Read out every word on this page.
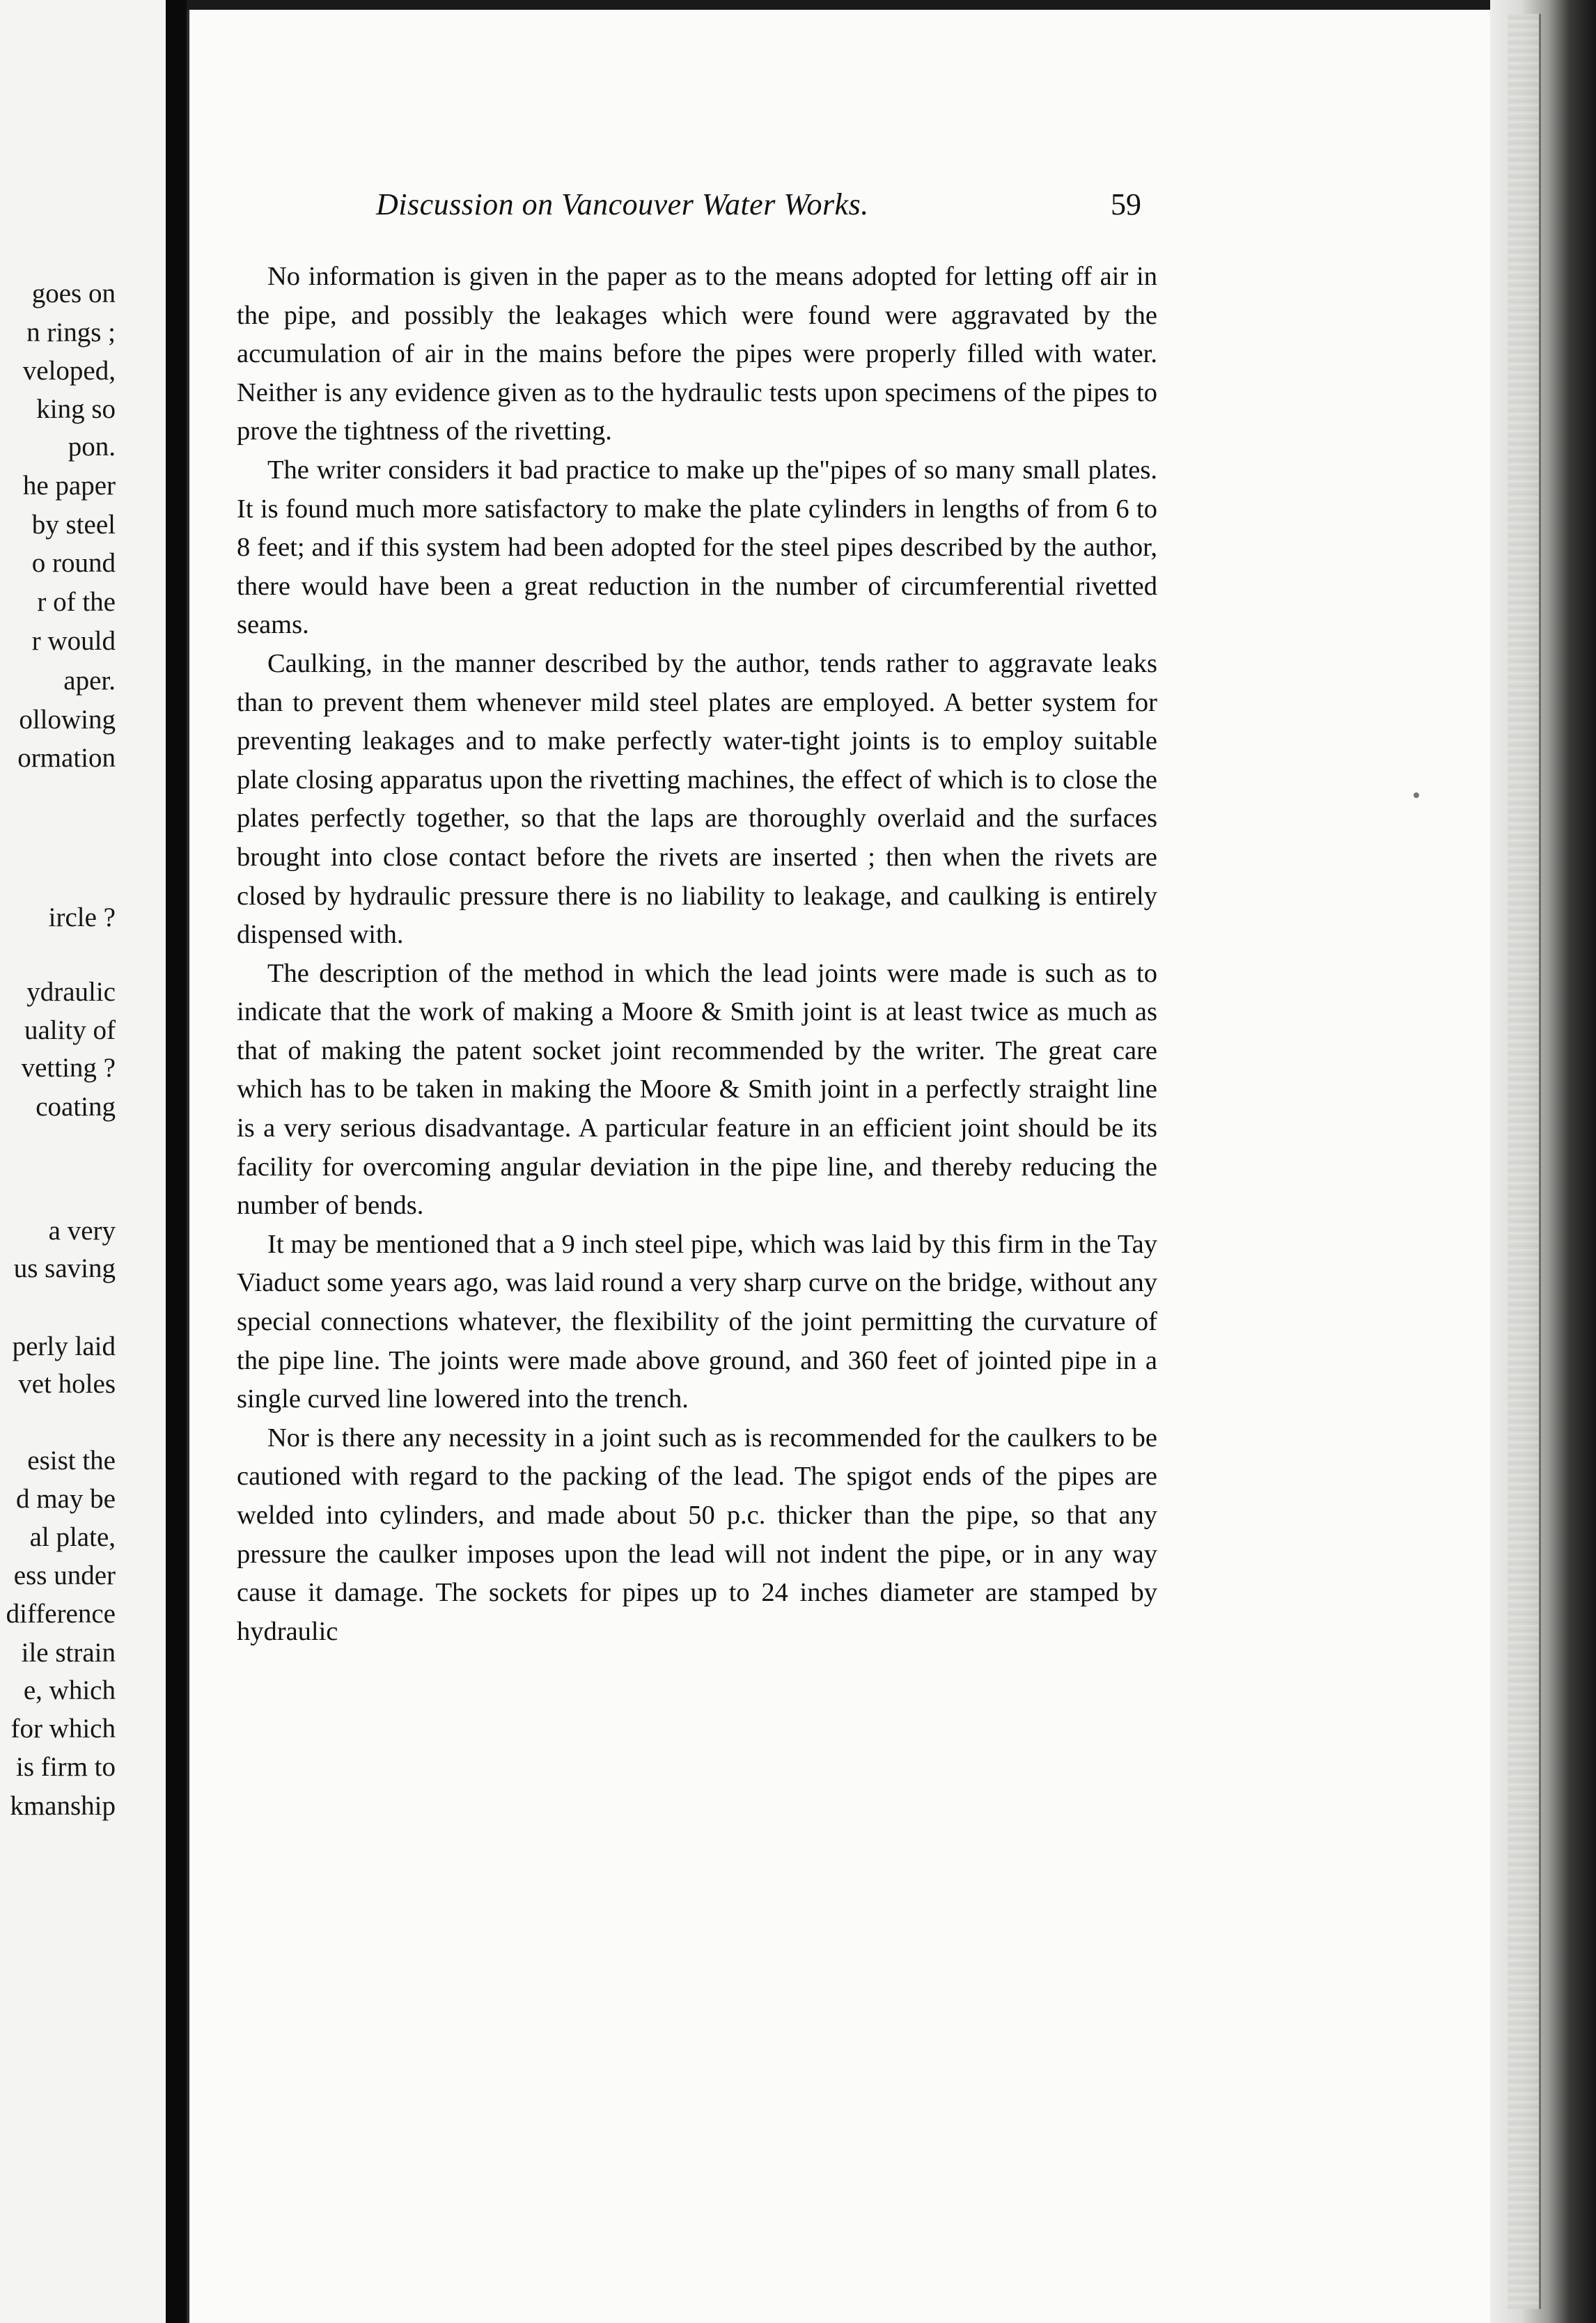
goes on
n rings ;
veloped,
king so
pon.
he paper
by steel
o round
r of the
r would
aper.
ollowing
ormation
ircle ?
ydraulic
uality of
vetting ?
coating
a very
us saving
perly laid
vet holes
esist the
d may be
al plate,
ess under
difference
ile strain
e, which
for which
is firm to
kmanship
Discussion on Vancouver Water Works.	59

No information is given in the paper as to the means adopted for letting off air in the pipe, and possibly the leakages which were found were aggravated by the accumulation of air in the mains before the pipes were properly filled with water. Neither is any evidence given as to the hydraulic tests upon specimens of the pipes to prove the tightness of the rivetting.

The writer considers it bad practice to make up the"pipes of so many small plates. It is found much more satisfactory to make the plate cylinders in lengths of from 6 to 8 feet; and if this system had been adopted for the steel pipes described by the author, there would have been a great reduction in the number of circumferential rivetted seams.

Caulking, in the manner described by the author, tends rather to aggravate leaks than to prevent them whenever mild steel plates are employed. A better system for preventing leakages and to make perfectly water-tight joints is to employ suitable plate closing apparatus upon the rivetting machines, the effect of which is to close the plates perfectly together, so that the laps are thoroughly overlaid and the surfaces brought into close contact before the rivets are inserted ; then when the rivets are closed by hydraulic pressure there is no liability to leakage, and caulking is entirely dispensed with.

The description of the method in which the lead joints were made is such as to indicate that the work of making a Moore & Smith joint is at least twice as much as that of making the patent socket joint recommended by the writer. The great care which has to be taken in making the Moore & Smith joint in a perfectly straight line is a very serious disadvantage. A particular feature in an efficient joint should be its facility for overcoming angular deviation in the pipe line, and thereby reducing the number of bends.

It may be mentioned that a 9 inch steel pipe, which was laid by this firm in the Tay Viaduct some years ago, was laid round a very sharp curve on the bridge, without any special connections whatever, the flexibility of the joint permitting the curvature of the pipe line. The joints were made above ground, and 360 feet of jointed pipe in a single curved line lowered into the trench.

Nor is there any necessity in a joint such as is recommended for the caulkers to be cautioned with regard to the packing of the lead. The spigot ends of the pipes are welded into cylinders, and made about 50 p.c. thicker than the pipe, so that any pressure the caulker imposes upon the lead will not indent the pipe, or in any way cause it damage. The sockets for pipes up to 24 inches diameter are stamped by hydraulic
